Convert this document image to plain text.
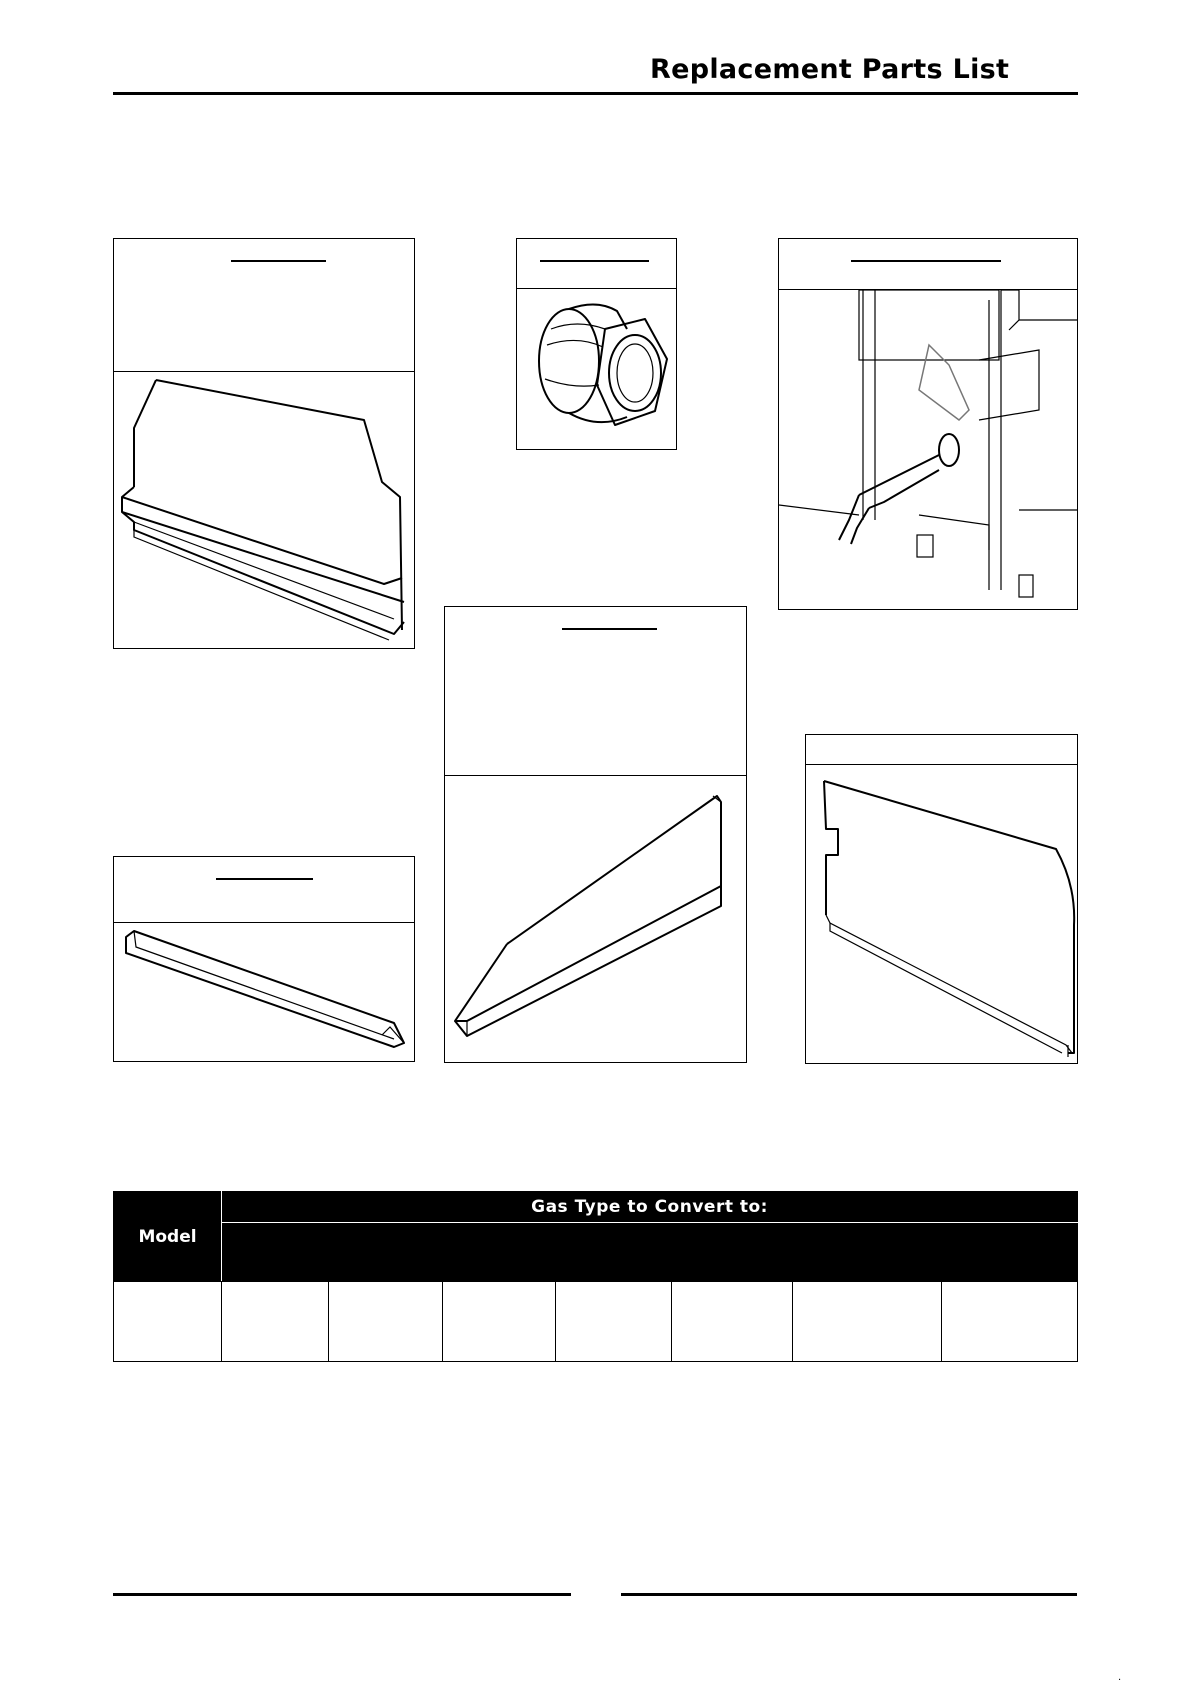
Replacement Parts List
Model	Gas Type to Convert to:						

.
